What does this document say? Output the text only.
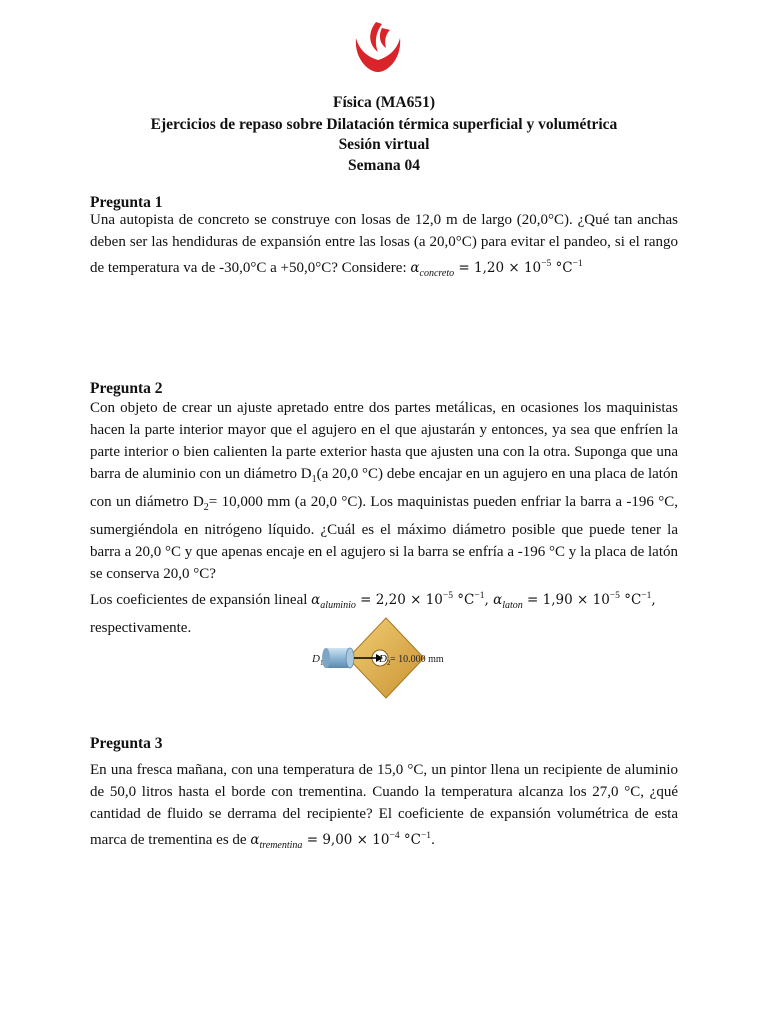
Física (MA651)
Ejercicios de repaso sobre Dilatación térmica superficial y volumétrica
Sesión virtual
Semana 04
Pregunta 1

Una autopista de concreto se construye con losas de 12,0 m de largo (20,0°C). ¿Qué tan anchas deben ser las hendiduras de expansión entre las losas (a 20,0°C) para evitar el pandeo, si el rango de temperatura va de -30,0°C a +50,0°C? Considere: $\alpha_{concreto} = 1,20 \times 10^{-5}$ $^\circ C^{-1}$

Pregunta 2

Con objeto de crear un ajuste apretado entre dos partes metálicas, en ocasiones los maquinistas hacen la parte interior mayor que el agujero en el que ajustarán y entonces, ya sea que enfríen la parte interior o bien calienten la parte exterior hasta que ajusten una con la otra. Suponga que una barra de aluminio con un diámetro $D_1(a$ 20,0 °C) debe encajar en un agujero en una placa de latón con un diámetro $D_2= 10,000$ mm (a 20,0 °C). Los maquinistas pueden enfriar la barra a -196 °C, sumergiéndola en nitrógeno líquido. ¿Cuál es el máximo diámetro posible que puede tener la barra a 20,0 °C y que apenas encaje en el agujero si la barra se enfría a -196 °C y la placa de latón se conserva 20,0 °C?
Los coeficientes de expansión lineal $\alpha_{aluminio} = 2,20 \times 10^{-5}$ $^\circ C^{-1}$, $\alpha_{laton} = 1,90 \times 10^{-5}$ $^\circ C^{-1}$,
respectivamente.

D 1	D 2 = 10.000 mm
Pregunta 3

En una fresca mañana, con una temperatura de 15,0 °C, un pintor llena un recipiente de aluminio de 50,0 litros hasta el borde con trementina. Cuando la temperatura alcanza los 27,0 °C, ¿qué cantidad de fluido se derrama del recipiente? El coeficiente de expansión volumétrica de esta marca de trementina es de $\alpha_{trementina} = 9,00 \times 10^{-4}$ $^\circ C^{-1}$.
